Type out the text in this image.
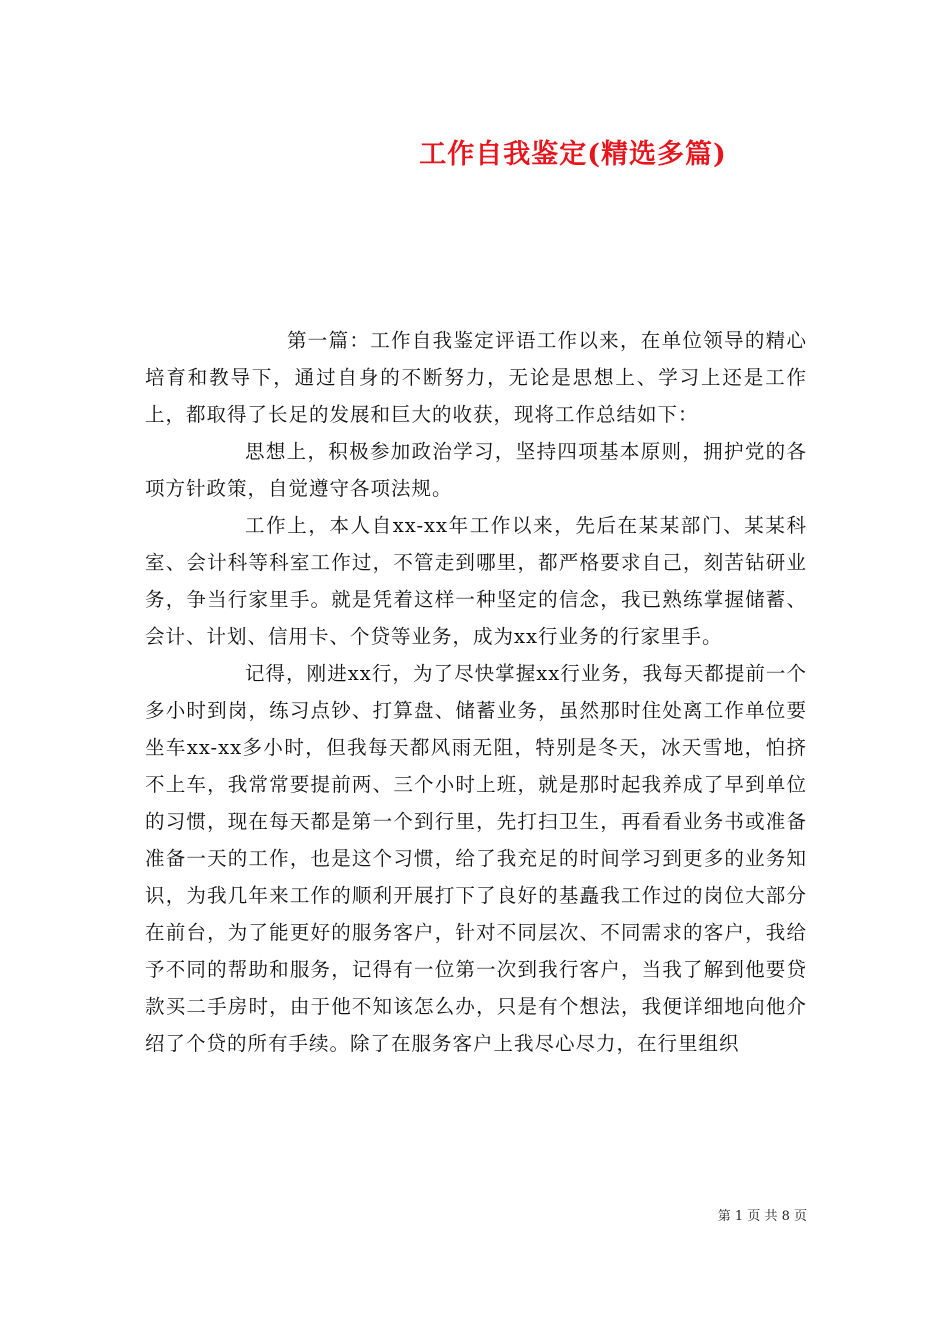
工作自我鉴定(精选多篇)

第一篇：工作自我鉴定评语工作以来，在单位领导的精心培育和教导下，通过自身的不断努力，无论是思想上、学习上还是工作上，都取得了长足的发展和巨大的收获，现将工作总结如下：

思想上，积极参加政治学习，坚持四项基本原则，拥护党的各项方针政策，自觉遵守各项法规。

工作上，本人自xx-xx年工作以来，先后在某某部门、某某科室、会计科等科室工作过，不管走到哪里，都严格要求自己，刻苦钻研业务，争当行家里手。就是凭着这样一种坚定的信念，我已熟练掌握储蓄、会计、计划、信用卡、个贷等业务，成为xx行业务的行家里手。

记得，刚进xx行，为了尽快掌握xx行业务，我每天都提前一个多小时到岗，练习点钞、打算盘、储蓄业务，虽然那时住处离工作单位要坐车xx-xx多小时，但我每天都风雨无阻，特别是冬天，冰天雪地，怕挤不上车，我常常要提前两、三个小时上班，就是那时起我养成了早到单位的习惯，现在每天都是第一个到行里，先打扫卫生，再看看业务书或准备准备一天的工作，也是这个习惯，给了我充足的时间学习到更多的业务知识，为我几年来工作的顺利开展打下了良好的基矗我工作过的岗位大部分在前台，为了能更好的服务客户，针对不同层次、不同需求的客户，我给予不同的帮助和服务，记得有一位第一次到我行客户，当我了解到他要贷款买二手房时，由于他不知该怎么办，只是有个想法，我便详细地向他介绍了个贷的所有手续。除了在服务客户上我尽心尽力，在行里组织

第 1 页 共 8 页
